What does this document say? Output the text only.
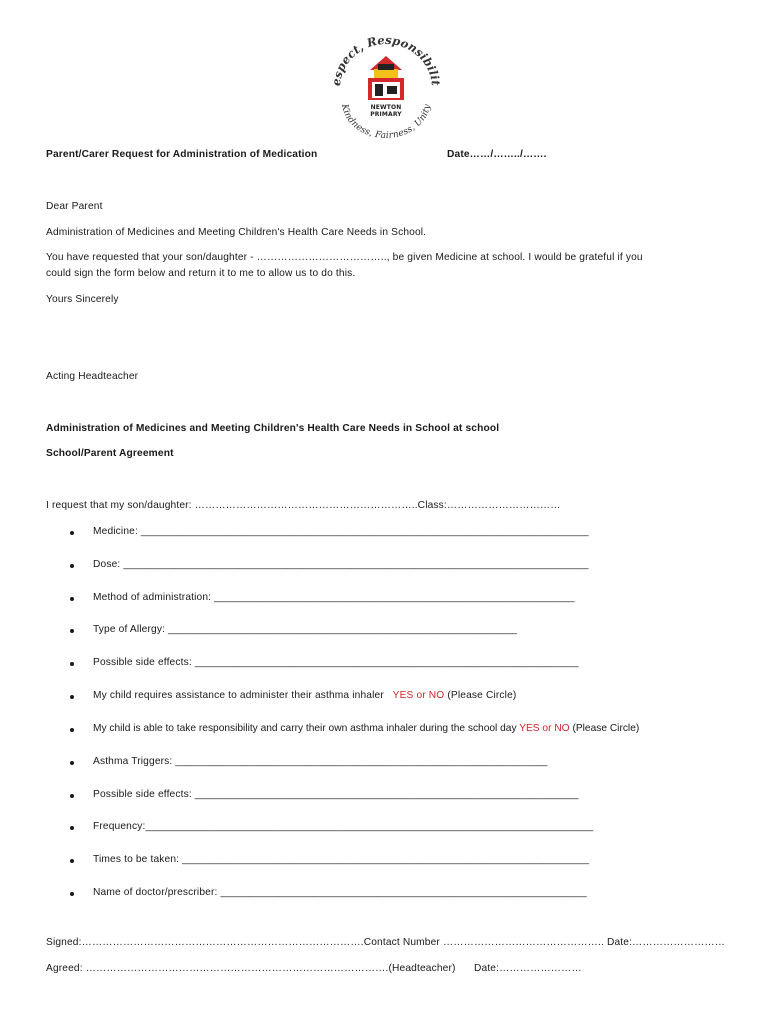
espect, Responsibilit
Kindness, Fairness, Unity
NEWTON
PRIMARY
Parent/Carer Request for Administration of Medication	Date……/……../…….
Dear Parent
Administration of Medicines and Meeting Children's Health Care Needs in School.
You have requested that your son/daughter - ……………………………….., be given Medicine at school. I would be grateful if you
could sign the form below and return it to me to allow us to do this.
Yours Sincerely
Acting Headteacher
Administration of Medicines and Meeting Children's Health Care Needs in School at school
School/Parent Agreement
I request that my son/daughter: ………………………………………………………..Class:……………………………
Medicine: _____________________________________________________________________________
Dose: ________________________________________________________________________________
Method of administration: ______________________________________________________________
Type of Allergy: ____________________________________________________________
Possible side effects: __________________________________________________________________
My child requires assistance to administer their asthma inhaler YES or NO (Please Circle)
My child is able to take responsibility and carry their own asthma inhaler during the school day YES or NO (Please Circle)
Asthma Triggers: ________________________________________________________________
Possible side effects: __________________________________________________________________
Frequency:_____________________________________________________________________________
Times to be taken: ______________________________________________________________________
Name of doctor/prescriber: _______________________________________________________________
Signed:……………………………………………………………………….Contact Number ……………………………………….. Date:………………………
Agreed: …………………………………………………………………………….(Headteacher) Date:……………………
